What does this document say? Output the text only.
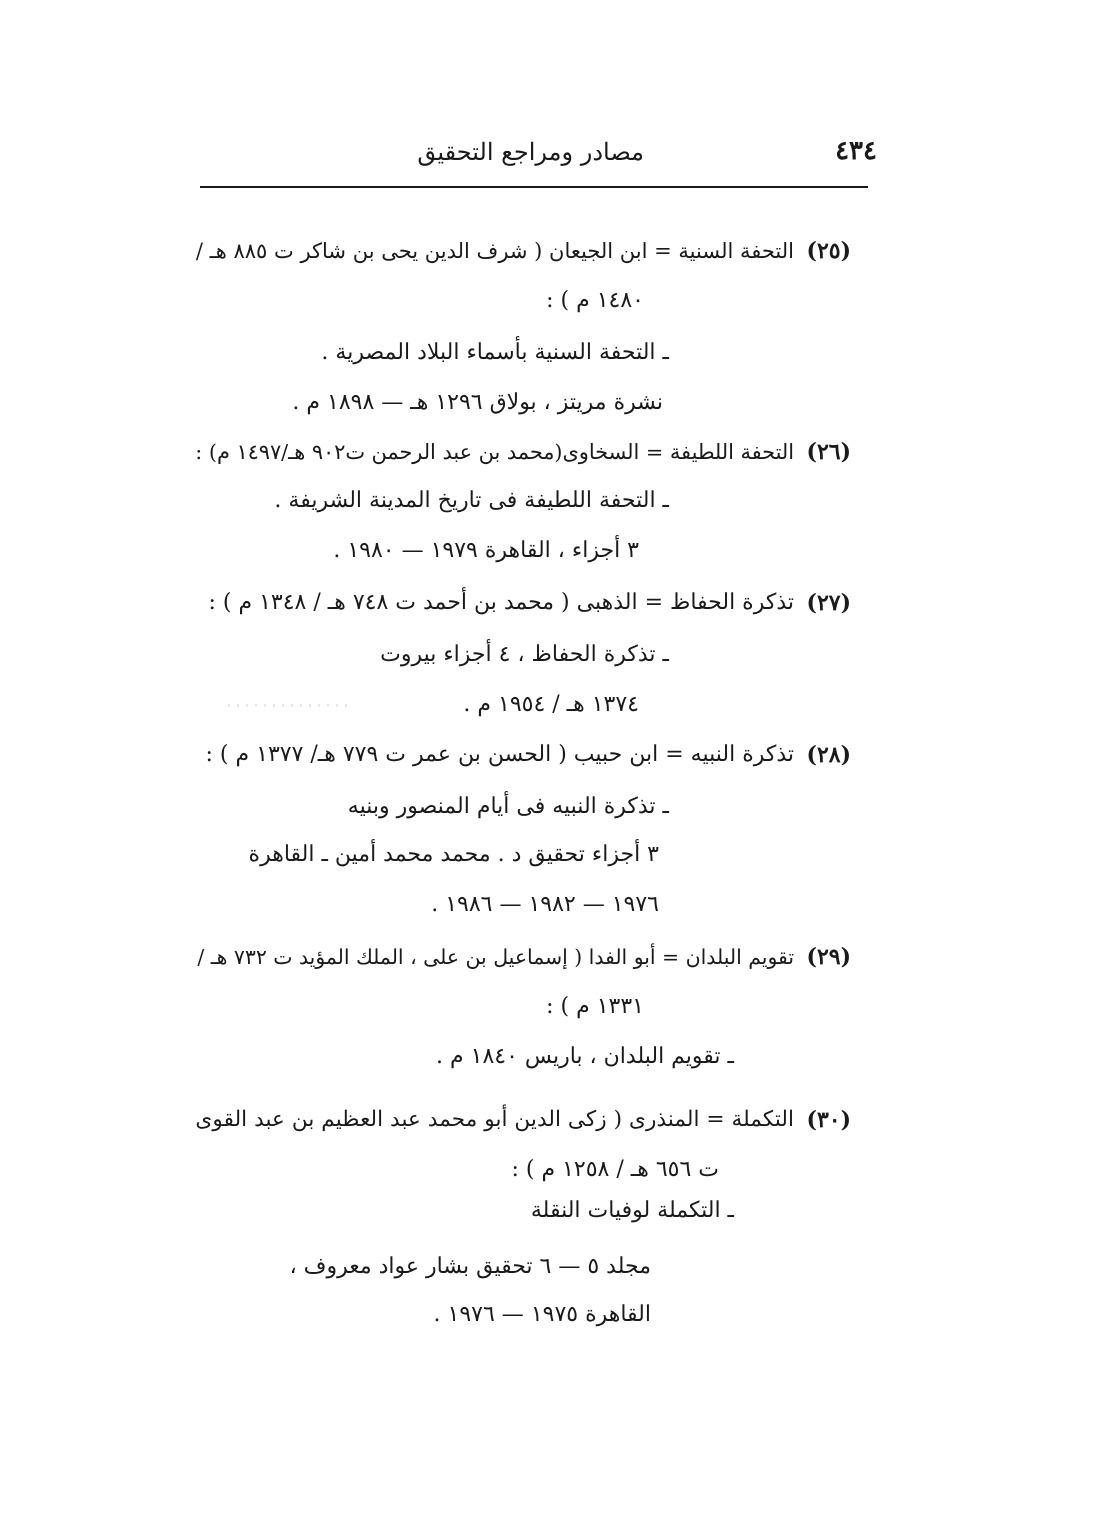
مصادر ومراجع التحقيق	٤٣٤
(٢٥)
التحفة السنية = ابن الجيعان ( شرف الدين يحى بن شاكر ت ٨٨٥ هـ /
١٤٨٠ م ) :
ـ التحفة السنية بأسماء البلاد المصرية .
نشرة مريتز ، بولاق ١٢٩٦ هـ — ١٨٩٨ م .
(٢٦)
التحفة اللطيفة = السخاوى(محمد بن عبد الرحمن ت٩٠٢ هـ/١٤٩٧ م) :
ـ التحفة اللطيفة فى تاريخ المدينة الشريفة .
٣ أجزاء ، القاهرة ١٩٧٩ — ١٩٨٠ .
(٢٧)
تذكرة الحفاظ = الذهبى ( محمد بن أحمد ت ٧٤٨ هـ / ١٣٤٨ م ) :
ـ تذكرة الحفاظ ، ٤ أجزاء بيروت
١٣٧٤ هـ / ١٩٥٤ م .
(٢٨)
تذكرة النبيه = ابن حبيب ( الحسن بن عمر ت ٧٧٩ هـ/ ١٣٧٧ م ) :
ـ تذكرة النبيه فى أيام المنصور وبنيه
٣ أجزاء تحقيق د . محمد محمد أمين ـ القاهرة
١٩٧٦ — ١٩٨٢ — ١٩٨٦ .
(٢٩)
تقويم البلدان = أبو الفدا ( إسماعيل بن على ، الملك المؤيد ت ٧٣٢ هـ /
١٣٣١ م ) :
ـ تقويم البلدان ، باريس ١٨٤٠ م .
(٣٠)
التكملة = المنذرى ( زكى الدين أبو محمد عبد العظيم بن عبد القوى
ت ٦٥٦ هـ / ١٢٥٨ م ) :
ـ التكملة لوفيات النقلة
مجلد ٥ — ٦ تحقيق بشار عواد معروف ،
القاهرة ١٩٧٥ — ١٩٧٦ .
